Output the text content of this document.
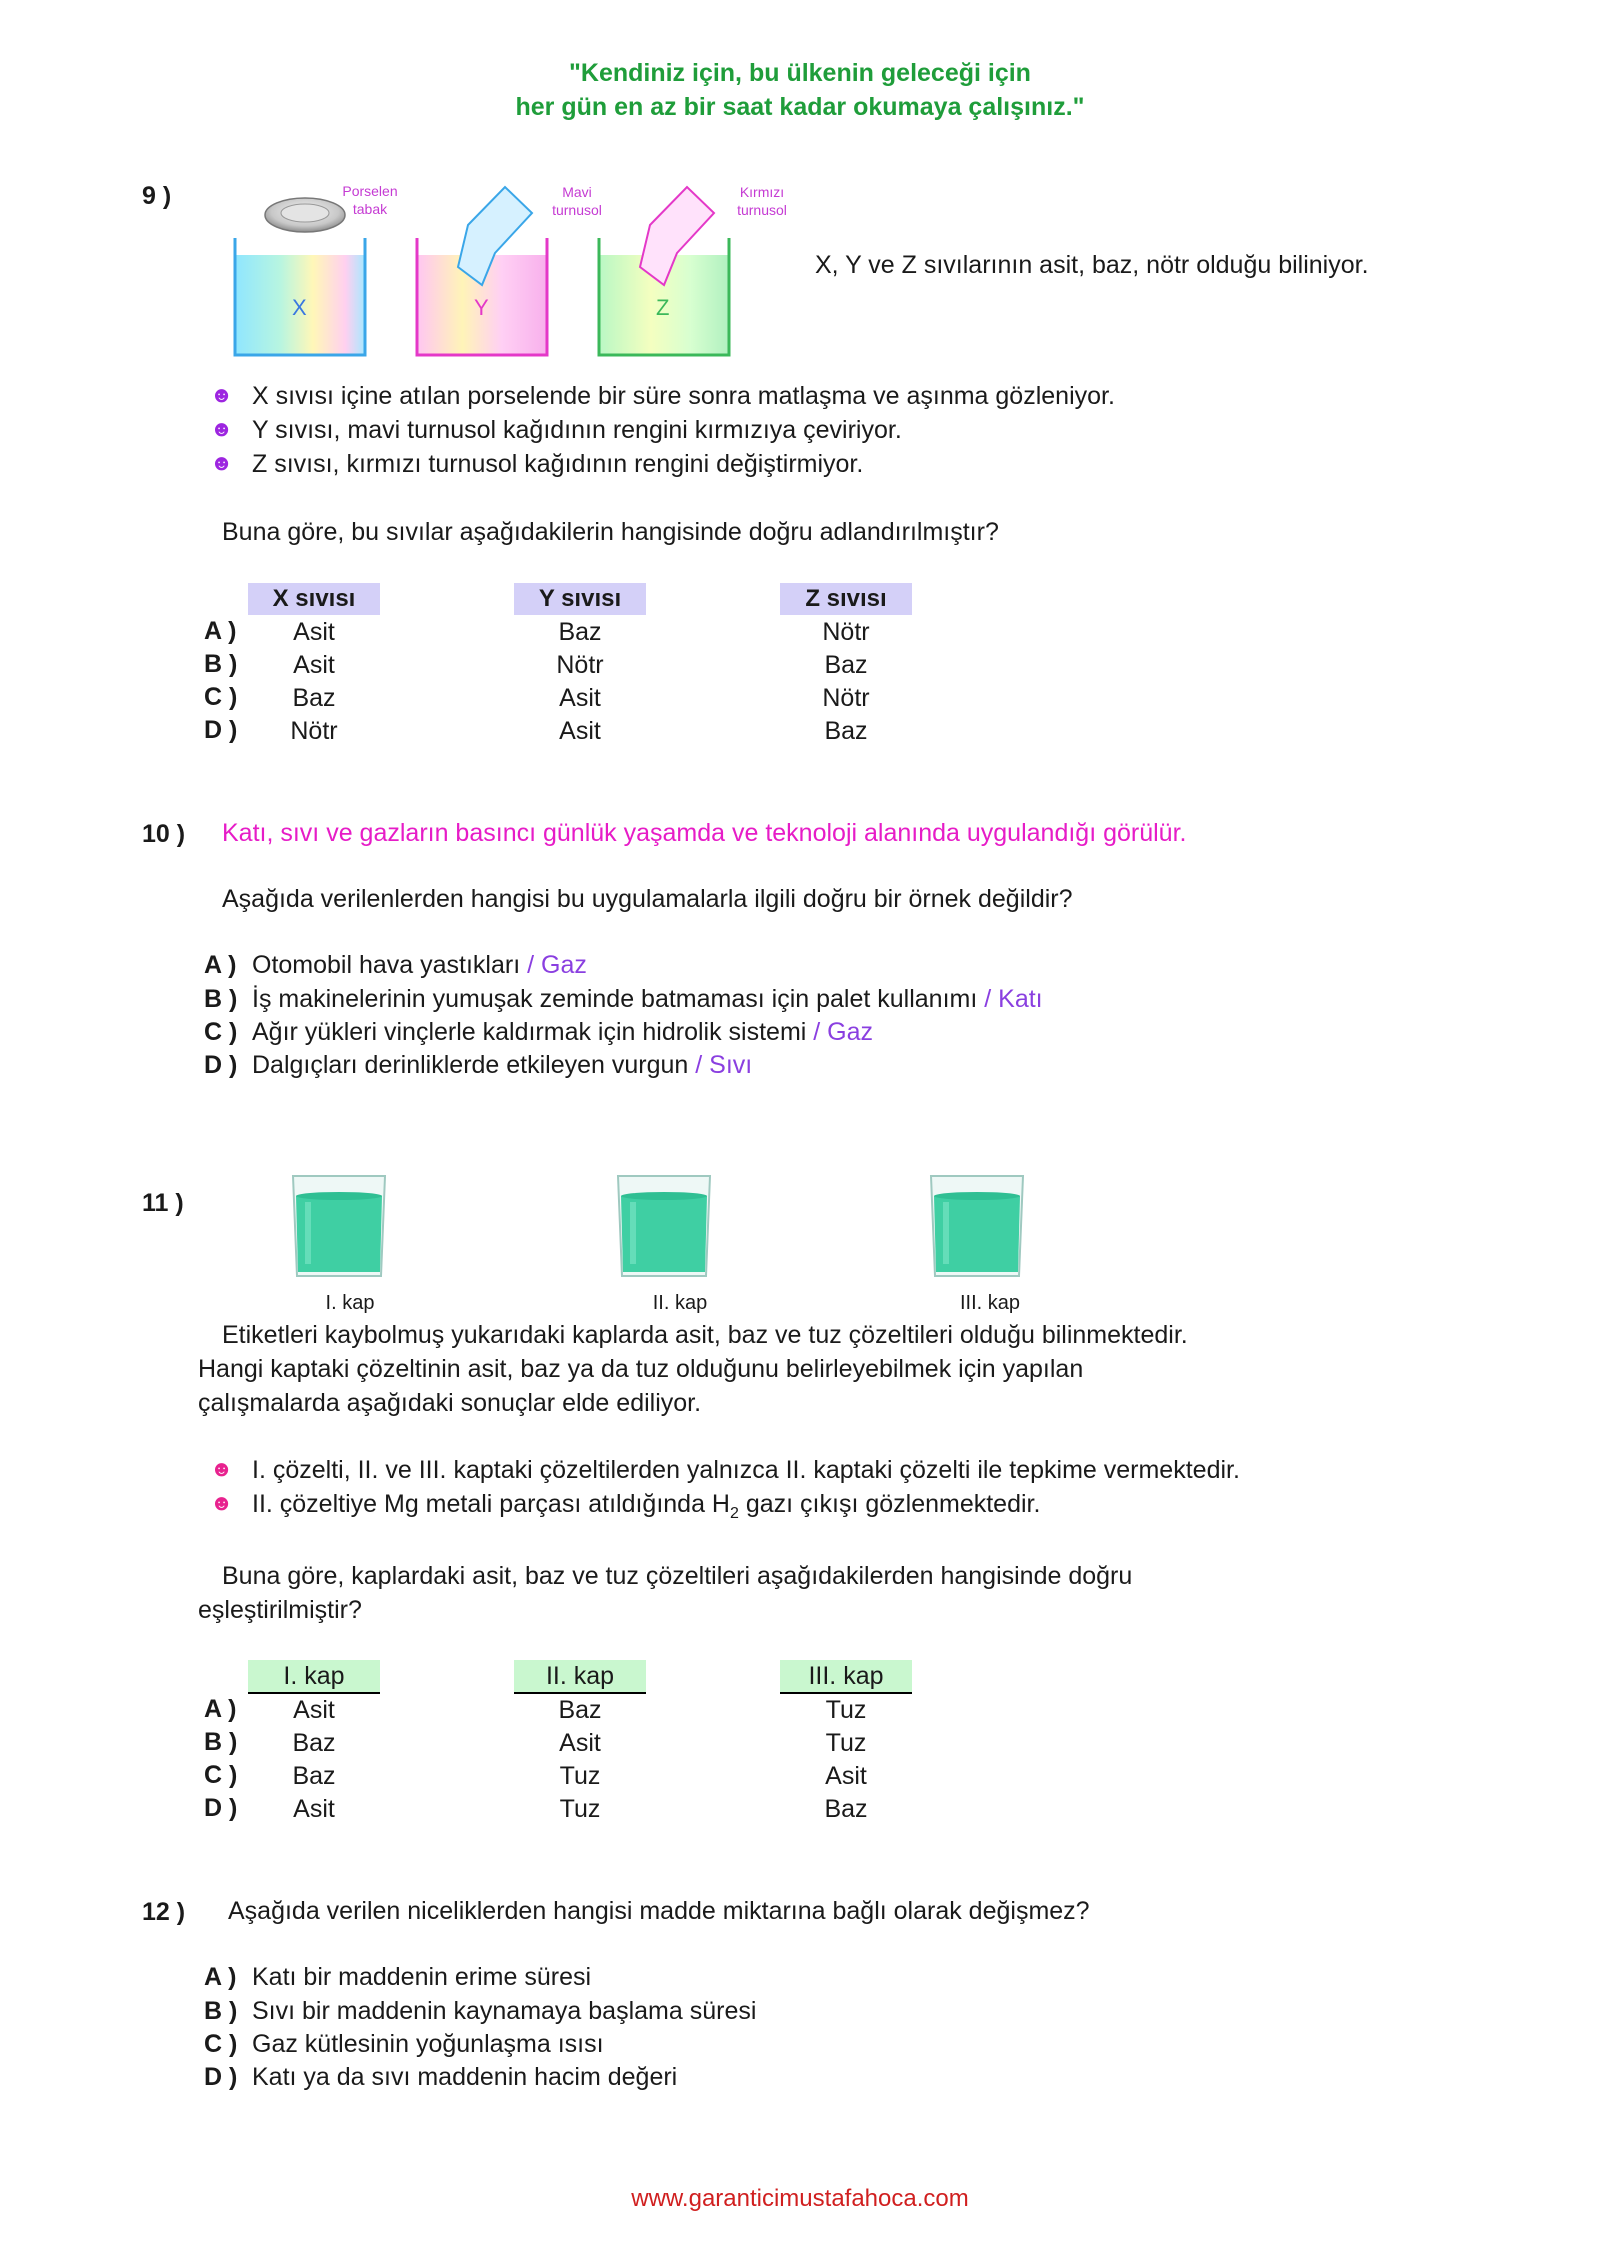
"Kendiniz için, bu ülkenin geleceği için
her gün en az bir saat kadar okumaya çalışınız."
9 )	Porselen
tabak
Mavi
turnusol
Kırmızı
turnusol
X	Y	Z
X, Y ve Z sıvılarının asit, baz, nötr olduğu biliniyor.
☻ X sıvısı içine atılan porselende bir süre sonra matlaşma ve aşınma gözleniyor.
☻ Y sıvısı, mavi turnusol kağıdının rengini kırmızıya çeviriyor.
☻ Z sıvısı, kırmızı turnusol kağıdının rengini değiştirmiyor.
Buna göre, bu sıvılar aşağıdakilerin hangisinde doğru adlandırılmıştır?
X sıvısı	Y sıvısı	Z sıvısı
A )	Asit	Baz	Nötr
B )	Asit	Nötr	Baz
C )	Baz	Asit	Nötr
D )	Nötr	Asit	Baz
10 ) Katı, sıvı ve gazların basıncı günlük yaşamda ve teknoloji alanında uygulandığı görülür.
Aşağıda verilenlerden hangisi bu uygulamalarla ilgili doğru bir örnek değildir?
A ) Otomobil hava yastıkları / Gaz
B ) İş makinelerinin yumuşak zeminde batmaması için palet kullanımı / Katı
C ) Ağır yükleri vinçlerle kaldırmak için hidrolik sistemi / Gaz
D ) Dalgıçları derinliklerde etkileyen vurgun / Sıvı
11 )
I. kap	II. kap	III. kap
Etiketleri kaybolmuş yukarıdaki kaplarda asit, baz ve tuz çözeltileri olduğu bilinmektedir.
Hangi kaptaki çözeltinin asit, baz ya da tuz olduğunu belirleyebilmek için yapılan
çalışmalarda aşağıdaki sonuçlar elde ediliyor.
☻ I. çözelti, II. ve III. kaptaki çözeltilerden yalnızca II. kaptaki çözelti ile tepkime vermektedir.
☻ II. çözeltiye Mg metali parçası atıldığında $H_2$ gazı çıkışı gözlenmektedir.
Buna göre, kaplardaki asit, baz ve tuz çözeltileri aşağıdakilerden hangisinde doğru
eşleştirilmiştir?
I. kap	II. kap	III. kap
A )	Asit	Baz	Tuz
B )	Baz	Asit	Tuz
C )	Baz	Tuz	Asit
D )	Asit	Tuz	Baz
12 ) Aşağıda verilen niceliklerden hangisi madde miktarına bağlı olarak değişmez?
A ) Katı bir maddenin erime süresi
B ) Sıvı bir maddenin kaynamaya başlama süresi
C ) Gaz kütlesinin yoğunlaşma ısısı
D ) Katı ya da sıvı maddenin hacim değeri
www.garanticimustafahoca.com
